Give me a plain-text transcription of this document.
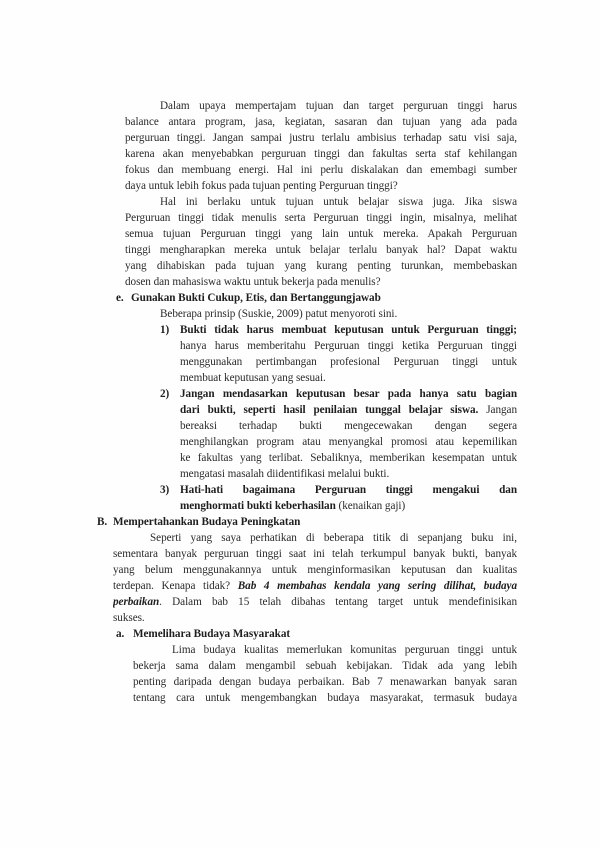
Dalam upaya mempertajam tujuan dan target perguruan tinggi harus
balance antara program, jasa, kegiatan, sasaran dan tujuan yang ada pada
perguruan tinggi. Jangan sampai justru terlalu ambisius terhadap satu visi saja,
karena akan menyebabkan perguruan tinggi dan fakultas serta staf kehilangan
fokus dan membuang energi. Hal ini perlu diskalakan dan emembagi sumber
daya untuk lebih fokus pada tujuan penting Perguruan tinggi?
Hal ini berlaku untuk tujuan untuk belajar siswa juga. Jika siswa
Perguruan tinggi tidak menulis serta Perguruan tinggi ingin, misalnya, melihat
semua tujuan Perguruan tinggi yang lain untuk mereka. Apakah Perguruan
tinggi mengharapkan mereka untuk belajar terlalu banyak hal? Dapat waktu
yang dihabiskan pada tujuan yang kurang penting turunkan, membebaskan
dosen dan mahasiswa waktu untuk bekerja pada menulis?
e. Gunakan Bukti Cukup, Etis, dan Bertanggungjawab
Beberapa prinsip (Suskie, 2009) patut menyoroti sini.
1) Bukti tidak harus membuat keputusan untuk Perguruan tinggi;
hanya harus memberitahu Perguruan tinggi ketika Perguruan tinggi
menggunakan pertimbangan profesional Perguruan tinggi untuk
membuat keputusan yang sesuai.
2) Jangan mendasarkan keputusan besar pada hanya satu bagian
dari bukti, seperti hasil penilaian tunggal belajar siswa. Jangan
bereaksi terhadap bukti mengecewakan dengan segera
menghilangkan program atau menyangkal promosi atau kepemilikan
ke fakultas yang terlibat. Sebaliknya, memberikan kesempatan untuk
mengatasi masalah diidentifikasi melalui bukti.
3) Hati-hati bagaimana Perguruan tinggi mengakui dan
menghormati bukti keberhasilan (kenaikan gaji)
B. Mempertahankan Budaya Peningkatan
Seperti yang saya perhatikan di beberapa titik di sepanjang buku ini,
sementara banyak perguruan tinggi saat ini telah terkumpul banyak bukti, banyak
yang belum menggunakannya untuk menginformasikan keputusan dan kualitas
terdepan. Kenapa tidak? Bab 4 membahas kendala yang sering dilihat, budaya
perbaikan. Dalam bab 15 telah dibahas tentang target untuk mendefinisikan
sukses.
a. Memelihara Budaya Masyarakat
Lima budaya kualitas memerlukan komunitas perguruan tinggi untuk
bekerja sama dalam mengambil sebuah kebijakan. Tidak ada yang lebih
penting daripada dengan budaya perbaikan. Bab 7 menawarkan banyak saran
tentang cara untuk mengembangkan budaya masyarakat, termasuk budaya
